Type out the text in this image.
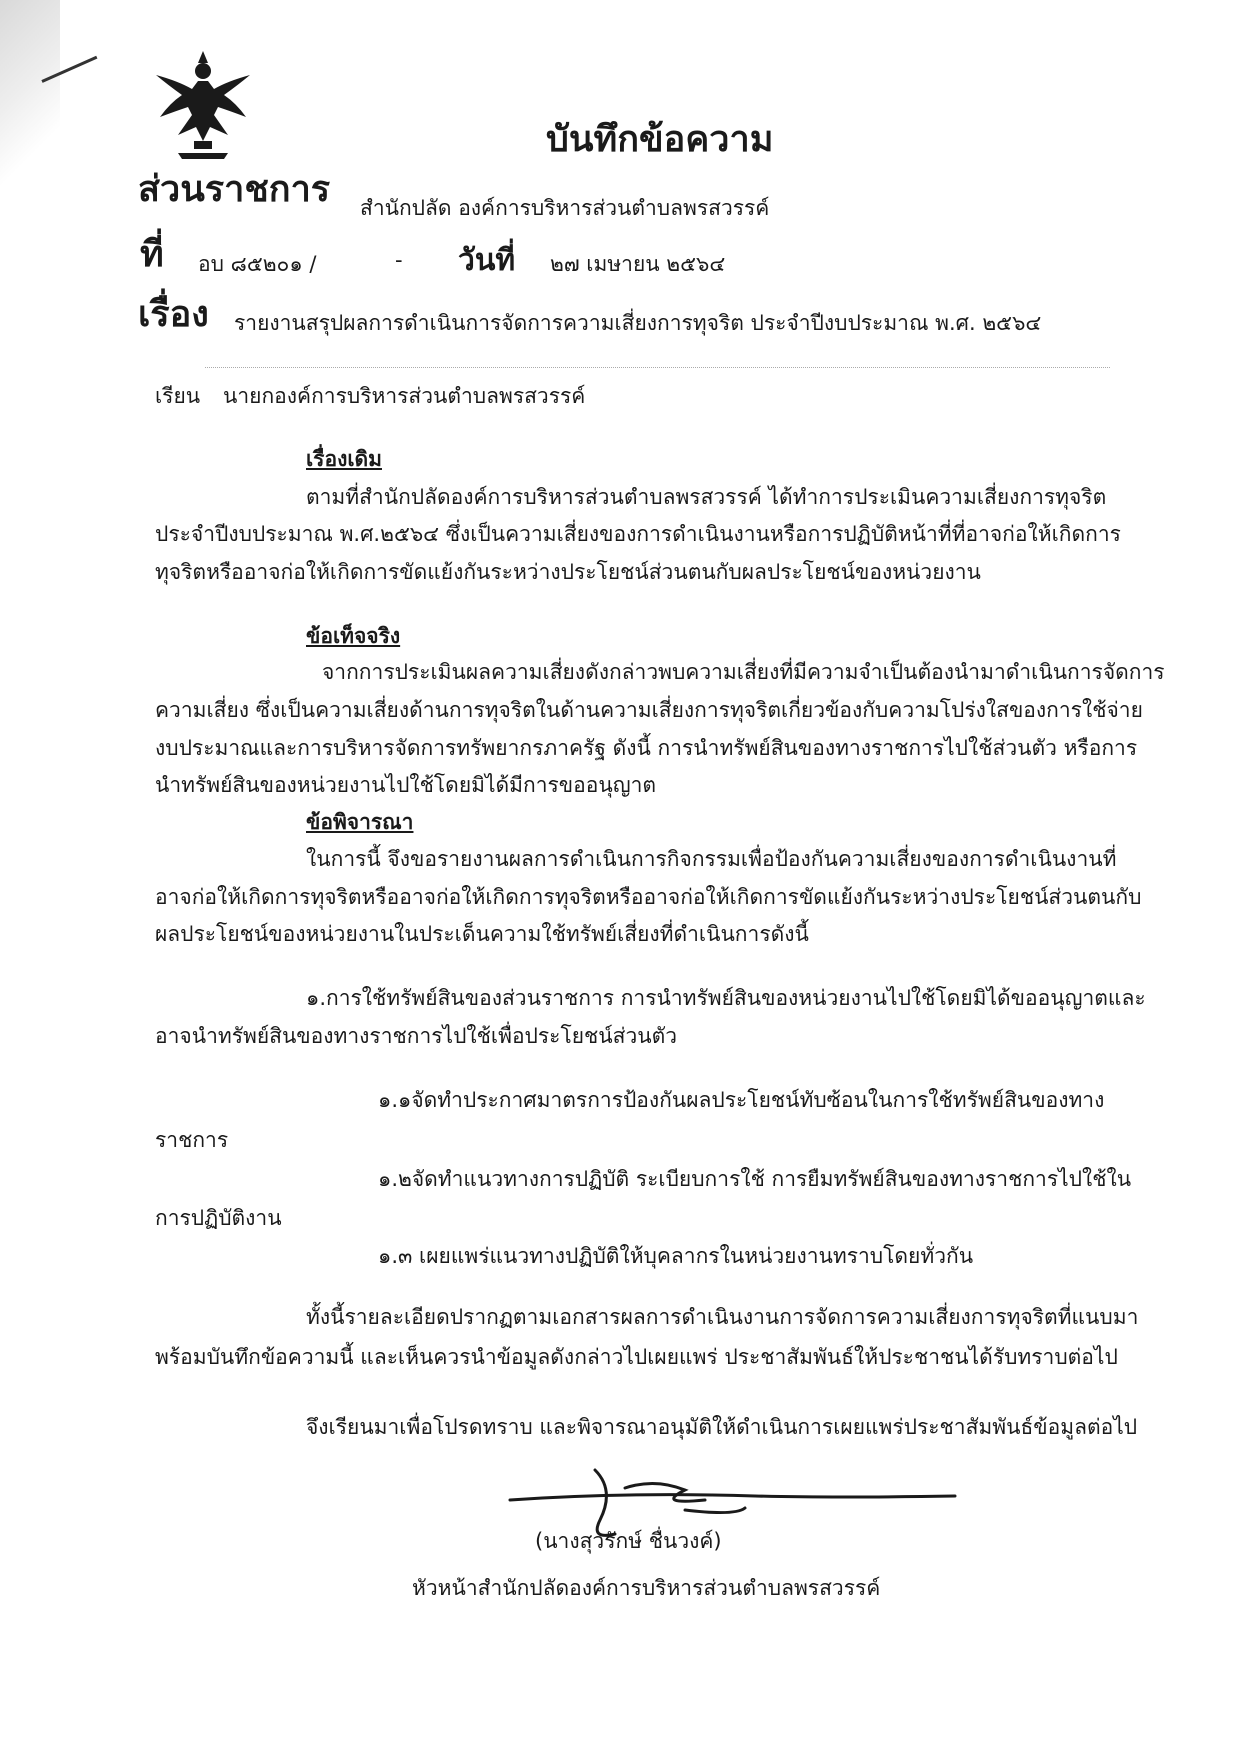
บันทึกข้อความ
ส่วนราชการ สำนักปลัด องค์การบริหารส่วนตำบลพรสวรรค์
ที่ อบ ๘๕๒๐๑ /	- วันที่ ๒๗ เมษายน ๒๕๖๔
เรื่อง รายงานสรุปผลการดำเนินการจัดการความเสี่ยงการทุจริต ประจำปีงบประมาณ พ.ศ. ๒๕๖๔
เรียน นายกองค์การบริหารส่วนตำบลพรสวรรค์
เรื่องเดิม
ตามที่สำนักปลัดองค์การบริหารส่วนตำบลพรสวรรค์ ได้ทำการประเมินความเสี่ยงการทุจริต
ประจำปีงบประมาณ พ.ศ.๒๕๖๔ ซึ่งเป็นความเสี่ยงของการดำเนินงานหรือการปฏิบัติหน้าที่ที่อาจก่อให้เกิดการ
ทุจริตหรืออาจก่อให้เกิดการขัดแย้งกันระหว่างประโยชน์ส่วนตนกับผลประโยชน์ของหน่วยงาน
ข้อเท็จจริง
จากการประเมินผลความเสี่ยงดังกล่าวพบความเสี่ยงที่มีความจำเป็นต้องนำมาดำเนินการจัดการ
ความเสี่ยง ซึ่งเป็นความเสี่ยงด้านการทุจริตในด้านความเสี่ยงการทุจริตเกี่ยวข้องกับความโปร่งใสของการใช้จ่าย
งบประมาณและการบริหารจัดการทรัพยากรภาครัฐ ดังนี้ การนำทรัพย์สินของทางราชการไปใช้ส่วนตัว หรือการ
นำทรัพย์สินของหน่วยงานไปใช้โดยมิได้มีการขออนุญาต
ข้อพิจารณา
ในการนี้ จึงขอรายงานผลการดำเนินการกิจกรรมเพื่อป้องกันความเสี่ยงของการดำเนินงานที่
อาจก่อให้เกิดการทุจริตหรืออาจก่อให้เกิดการทุจริตหรืออาจก่อให้เกิดการขัดแย้งกันระหว่างประโยชน์ส่วนตนกับ
ผลประโยชน์ของหน่วยงานในประเด็นความใช้ทรัพย์เสี่ยงที่ดำเนินการดังนี้
๑.การใช้ทรัพย์สินของส่วนราชการ การนำทรัพย์สินของหน่วยงานไปใช้โดยมิได้ขออนุญาตและ
อาจนำทรัพย์สินของทางราชการไปใช้เพื่อประโยชน์ส่วนตัว
๑.๑จัดทำประกาศมาตรการป้องกันผลประโยชน์ทับซ้อนในการใช้ทรัพย์สินของทาง
ราชการ
๑.๒จัดทำแนวทางการปฏิบัติ ระเบียบการใช้ การยืมทรัพย์สินของทางราชการไปใช้ใน
การปฏิบัติงาน
๑.๓ เผยแพร่แนวทางปฏิบัติให้บุคลากรในหน่วยงานทราบโดยทั่วกัน
ทั้งนี้รายละเอียดปรากฏตามเอกสารผลการดำเนินงานการจัดการความเสี่ยงการทุจริตที่แนบมา
พร้อมบันทึกข้อความนี้ และเห็นควรนำข้อมูลดังกล่าวไปเผยแพร่ ประชาสัมพันธ์ให้ประชาชนได้รับทราบต่อไป
จึงเรียนมาเพื่อโปรดทราบ และพิจารณาอนุมัติให้ดำเนินการเผยแพร่ประชาสัมพันธ์ข้อมูลต่อไป
(นางสุวรักษ์ ชื่นวงค์)
หัวหน้าสำนักปลัดองค์การบริหารส่วนตำบลพรสวรรค์
